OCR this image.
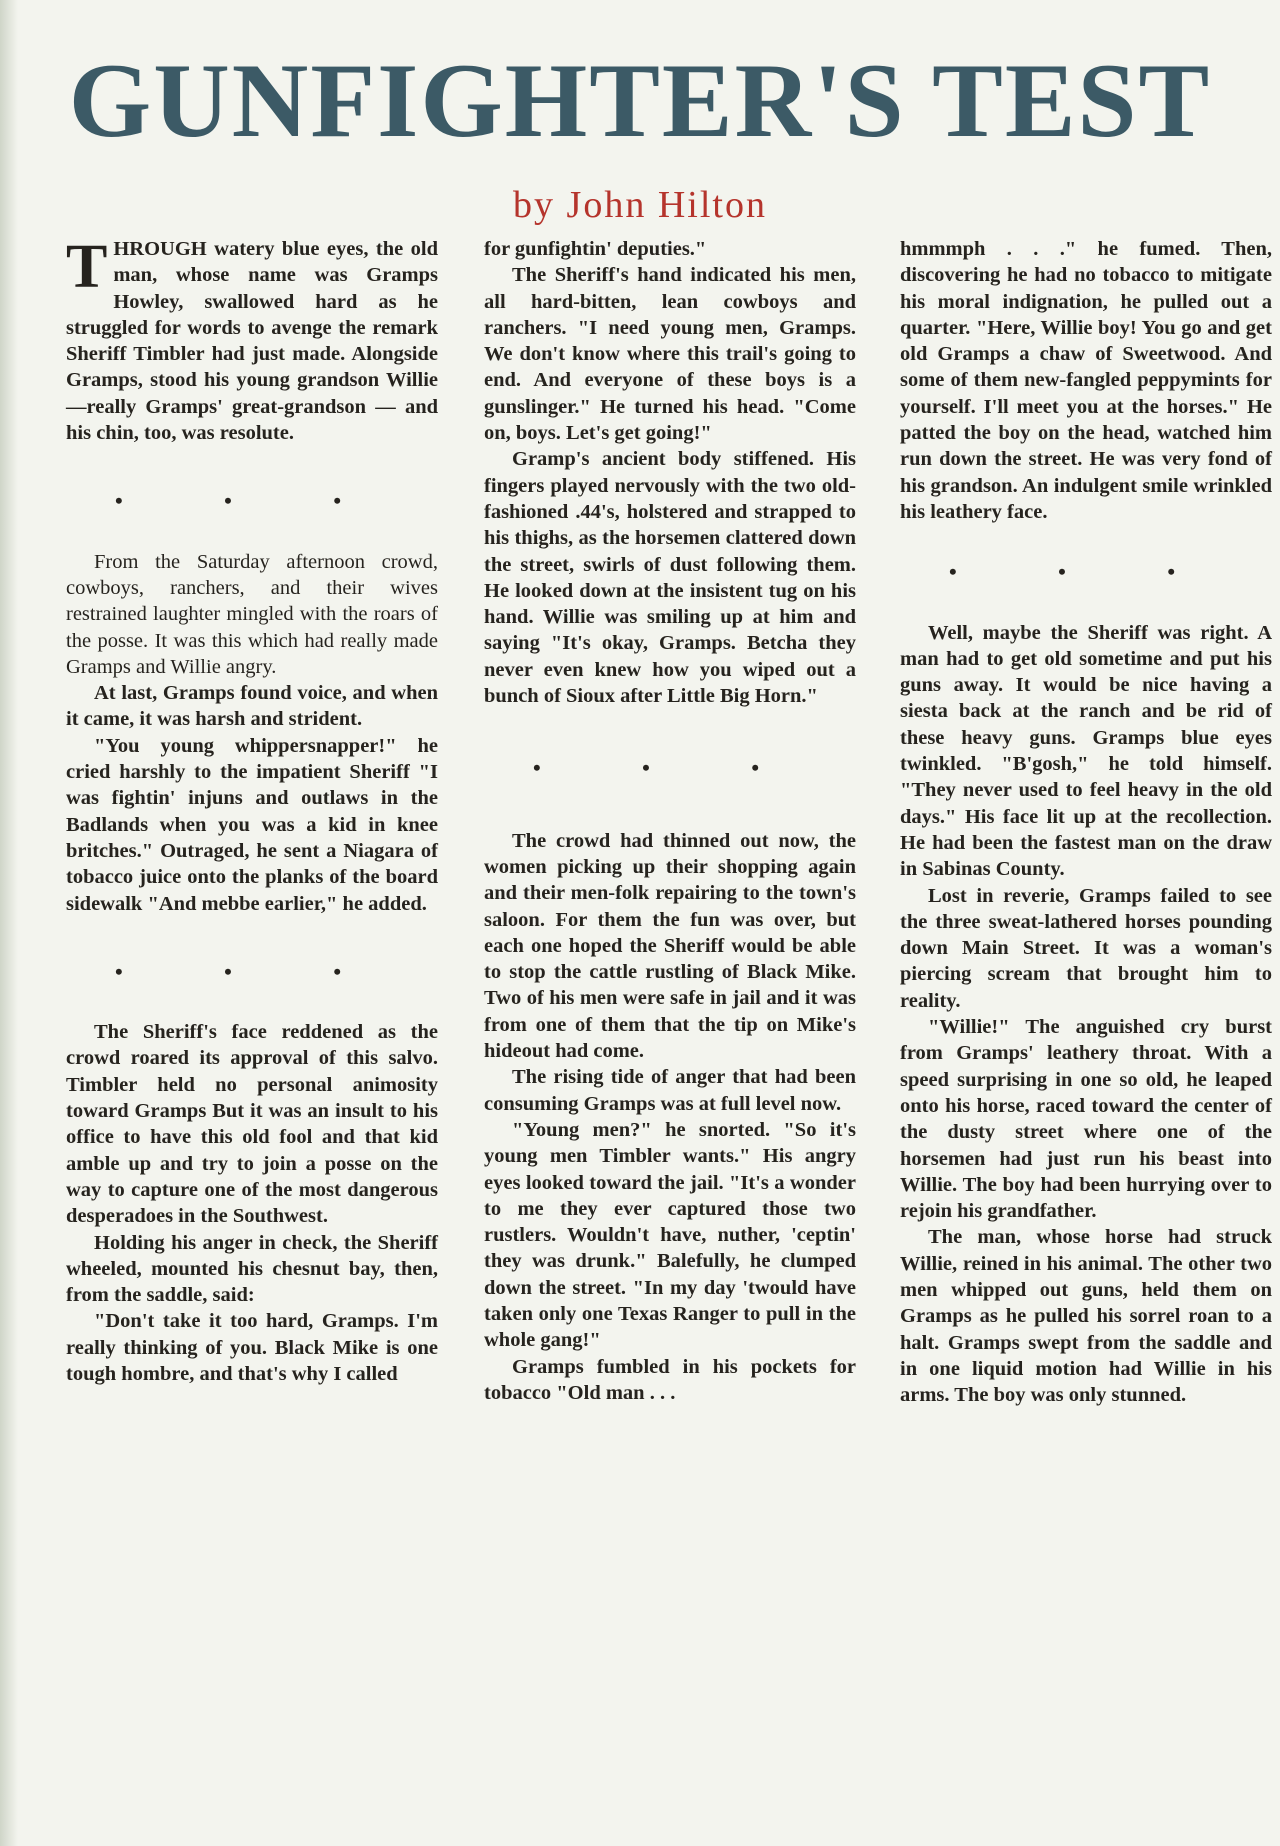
GUNFIGHTER'S TEST
by John Hilton

THROUGH watery blue eyes, the old man, whose name was Gramps Howley, swallowed hard as he struggled for words to avenge the remark Sheriff Timbler had just made. Alongside Gramps, stood his young grandson Willie—really Gramps' great-grandson — and his chin, too, was resolute.

• • •

From the Saturday afternoon crowd, cowboys, ranchers, and their wives restrained laughter mingled with the roars of the posse. It was this which had really made Gramps and Willie angry.

At last, Gramps found voice, and when it came, it was harsh and strident.

"You young whippersnapper!" he cried harshly to the impatient Sheriff "I was fightin' injuns and outlaws in the Badlands when you was a kid in knee britches." Outraged, he sent a Niagara of tobacco juice onto the planks of the board sidewalk "And mebbe earlier," he added.

• • •

The Sheriff's face reddened as the crowd roared its approval of this salvo. Timbler held no personal animosity toward Gramps But it was an insult to his office to have this old fool and that kid amble up and try to join a posse on the way to capture one of the most dangerous desperadoes in the Southwest.

Holding his anger in check, the Sheriff wheeled, mounted his chesnut bay, then, from the saddle, said:

"Don't take it too hard, Gramps. I'm really thinking of you. Black Mike is one tough hombre, and that's why I called

for gunfightin' deputies."

The Sheriff's hand indicated his men, all hard-bitten, lean cowboys and ranchers. "I need young men, Gramps. We don't know where this trail's going to end. And everyone of these boys is a gunslinger." He turned his head. "Come on, boys. Let's get going!"

Gramp's ancient body stiffened. His fingers played nervously with the two old-fashioned .44's, holstered and strapped to his thighs, as the horsemen clattered down the street, swirls of dust following them. He looked down at the insistent tug on his hand. Willie was smiling up at him and saying "It's okay, Gramps. Betcha they never even knew how you wiped out a bunch of Sioux after Little Big Horn."

• • •

The crowd had thinned out now, the women picking up their shopping again and their men-folk repairing to the town's saloon. For them the fun was over, but each one hoped the Sheriff would be able to stop the cattle rustling of Black Mike. Two of his men were safe in jail and it was from one of them that the tip on Mike's hideout had come.

The rising tide of anger that had been consuming Gramps was at full level now.

"Young men?" he snorted. "So it's young men Timbler wants." His angry eyes looked toward the jail. "It's a wonder to me they ever captured those two rustlers. Wouldn't have, nuther, 'ceptin' they was drunk." Balefully, he clumped down the street. "In my day 'twould have taken only one Texas Ranger to pull in the whole gang!"

Gramps fumbled in his pockets for tobacco "Old man . . .

hmmmph . . ." he fumed. Then, discovering he had no tobacco to mitigate his moral indignation, he pulled out a quarter. "Here, Willie boy! You go and get old Gramps a chaw of Sweetwood. And some of them new-fangled peppymints for yourself. I'll meet you at the horses." He patted the boy on the head, watched him run down the street. He was very fond of his grandson. An indulgent smile wrinkled his leathery face.

• • •

Well, maybe the Sheriff was right. A man had to get old sometime and put his guns away. It would be nice having a siesta back at the ranch and be rid of these heavy guns. Gramps blue eyes twinkled. "B'gosh," he told himself. "They never used to feel heavy in the old days." His face lit up at the recollection. He had been the fastest man on the draw in Sabinas County.

Lost in reverie, Gramps failed to see the three sweat-lathered horses pounding down Main Street. It was a woman's piercing scream that brought him to reality.

"Willie!" The anguished cry burst from Gramps' leathery throat. With a speed surprising in one so old, he leaped onto his horse, raced toward the center of the dusty street where one of the horsemen had just run his beast into Willie. The boy had been hurrying over to rejoin his grandfather.

The man, whose horse had struck Willie, reined in his animal. The other two men whipped out guns, held them on Gramps as he pulled his sorrel roan to a halt. Gramps swept from the saddle and in one liquid motion had Willie in his arms. The boy was only stunned.
